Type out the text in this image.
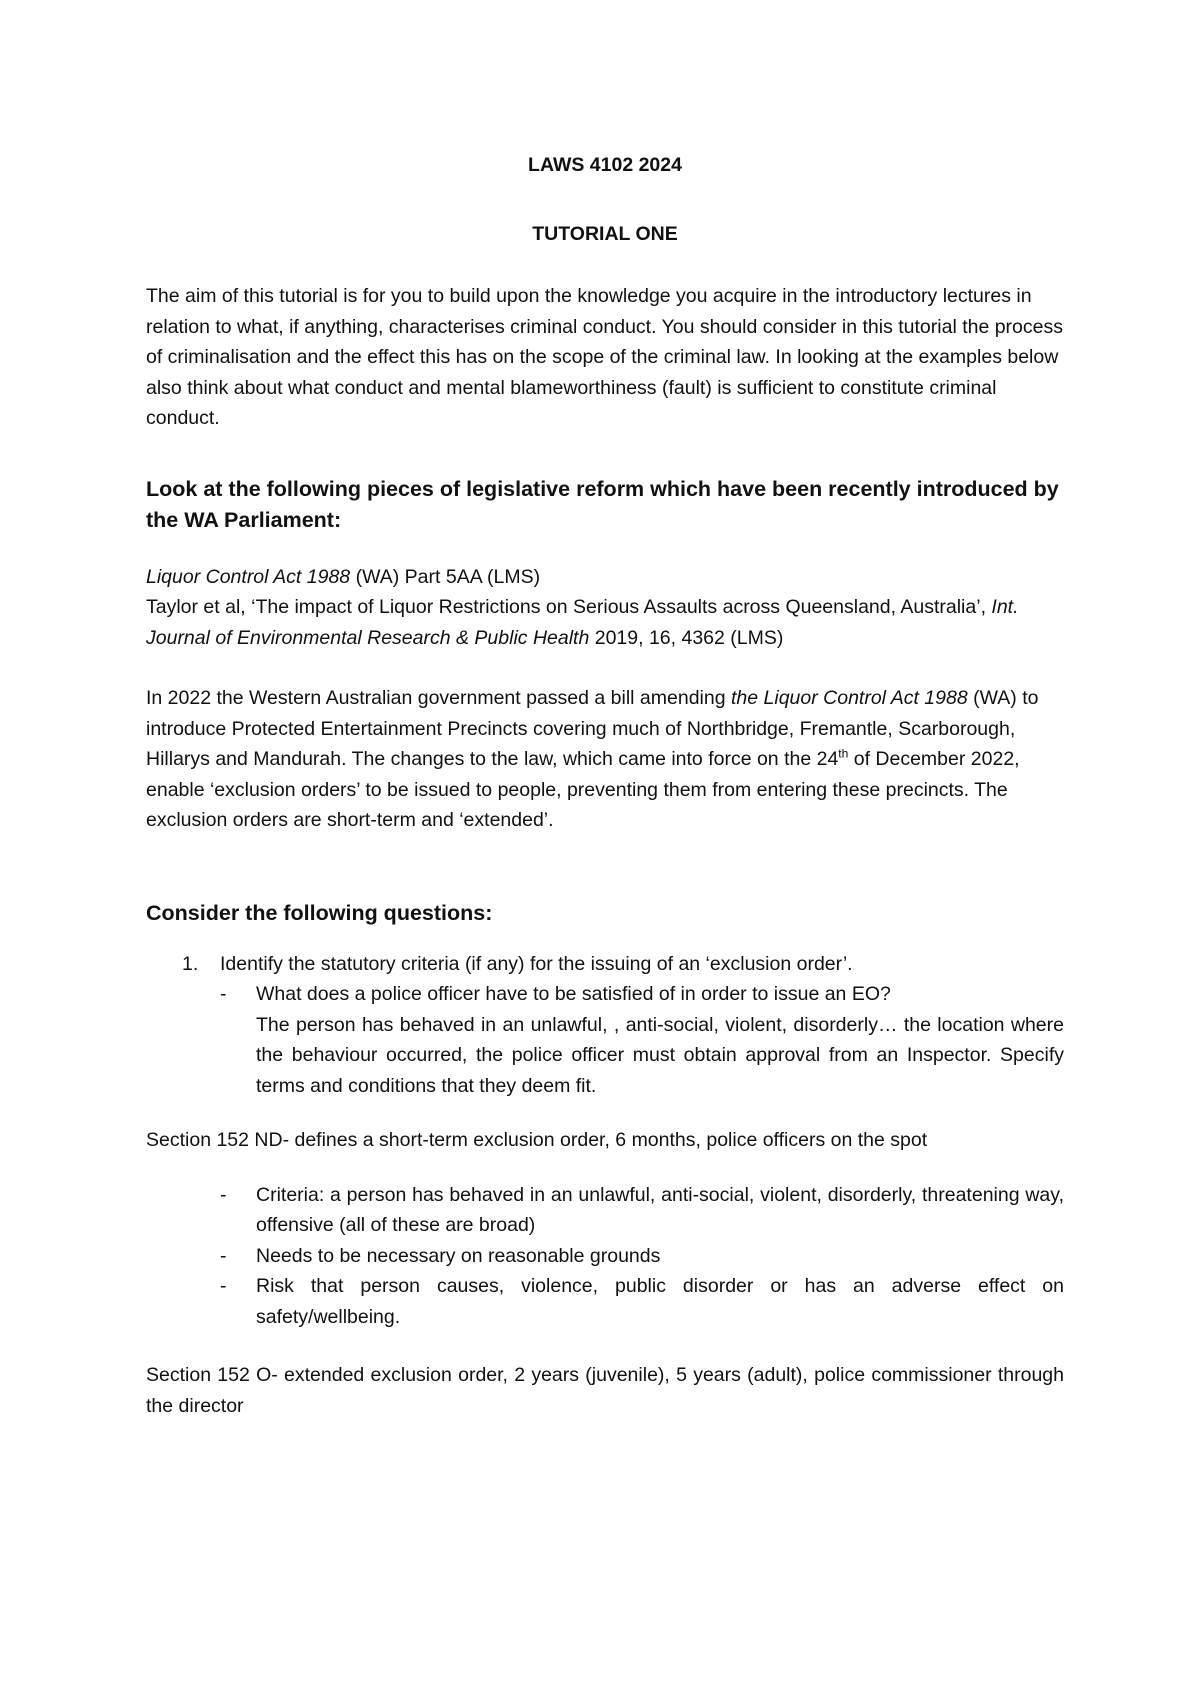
LAWS 4102 2024

TUTORIAL ONE

The aim of this tutorial is for you to build upon the knowledge you acquire in the introductory lectures in relation to what, if anything, characterises criminal conduct. You should consider in this tutorial the process of criminalisation and the effect this has on the scope of the criminal law. In looking at the examples below also think about what conduct and mental blameworthiness (fault) is sufficient to constitute criminal conduct.

Look at the following pieces of legislative reform which have been recently introduced by the WA Parliament:

Liquor Control Act 1988 (WA) Part 5AA (LMS)

Taylor et al, ‘The impact of Liquor Restrictions on Serious Assaults across Queensland, Australia’, Int. Journal of Environmental Research & Public Health 2019, 16, 4362 (LMS)

In 2022 the Western Australian government passed a bill amending the Liquor Control Act 1988 (WA) to introduce Protected Entertainment Precincts covering much of Northbridge, Fremantle, Scarborough, Hillarys and Mandurah. The changes to the law, which came into force on the 24th of December 2022, enable ‘exclusion orders’ to be issued to people, preventing them from entering these precincts. The exclusion orders are short-term and ‘extended’.

Consider the following questions:

1. Identify the statutory criteria (if any) for the issuing of an ‘exclusion order’.
- What does a police officer have to be satisfied of in order to issue an EO?
The person has behaved in an unlawful, , anti-social, violent, disorderly… the location where the behaviour occurred, the police officer must obtain approval from an Inspector. Specify terms and conditions that they deem fit.

Section 152 ND- defines a short-term exclusion order, 6 months, police officers on the spot

- Criteria: a person has behaved in an unlawful, anti-social, violent, disorderly, threatening way, offensive (all of these are broad)
- Needs to be necessary on reasonable grounds
- Risk that person causes, violence, public disorder or has an adverse effect on safety/wellbeing.

Section 152 O- extended exclusion order, 2 years (juvenile), 5 years (adult), police commissioner through the director
